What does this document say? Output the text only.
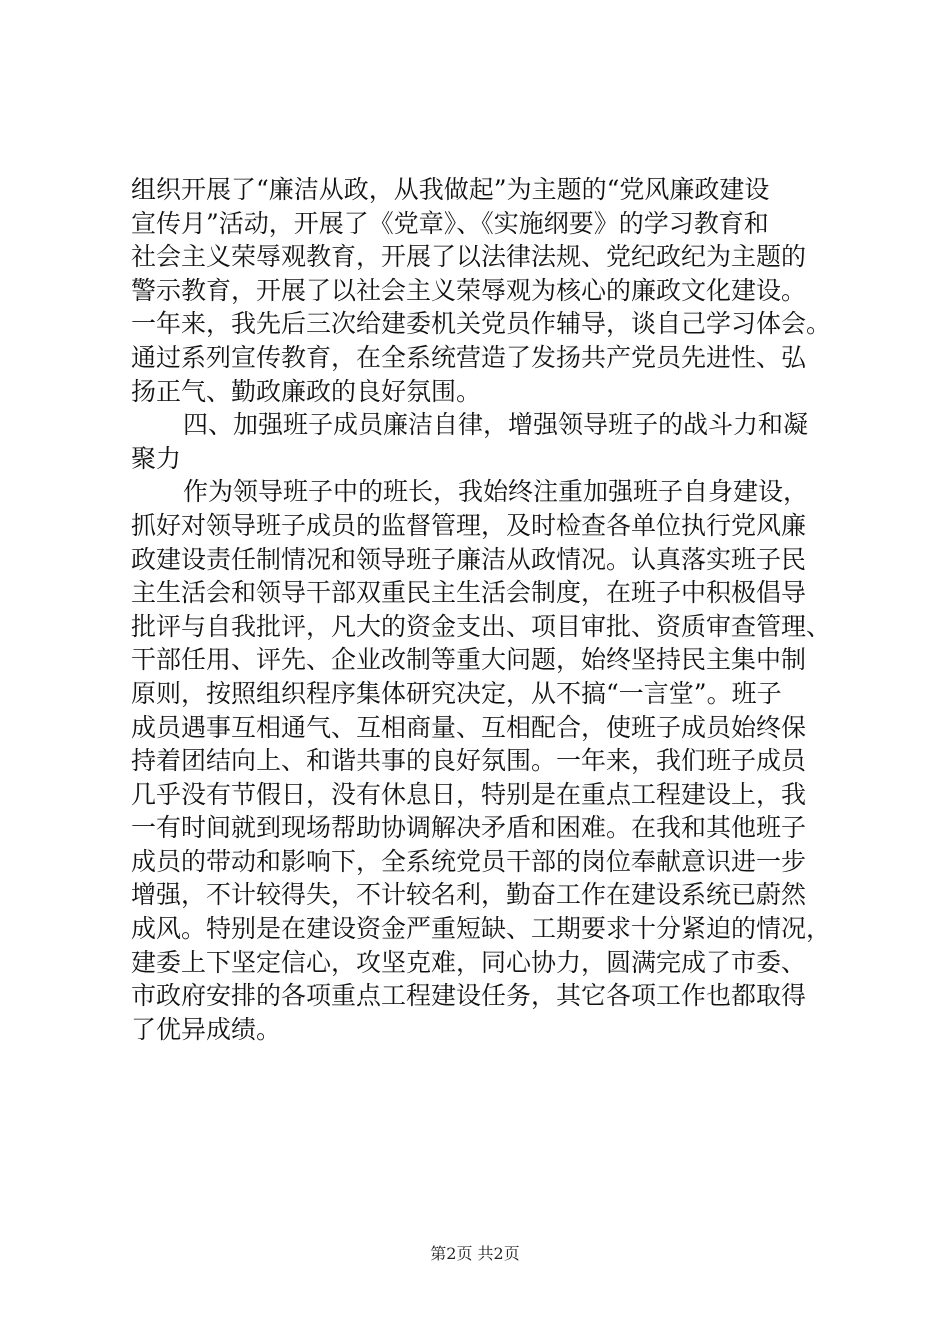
组织开展了“廉洁从政，从我做起”为主题的“党风廉政建设
宣传月”活动，开展了《党章》、《实施纲要》的学习教育和
社会主义荣辱观教育，开展了以法律法规、党纪政纪为主题的
警示教育，开展了以社会主义荣辱观为核心的廉政文化建设。
一年来，我先后三次给建委机关党员作辅导，谈自己学习体会。
通过系列宣传教育，在全系统营造了发扬共产党员先进性、弘
扬正气、勤政廉政的良好氛围。
四、加强班子成员廉洁自律，增强领导班子的战斗力和凝
聚力
作为领导班子中的班长，我始终注重加强班子自身建设，
抓好对领导班子成员的监督管理，及时检查各单位执行党风廉
政建设责任制情况和领导班子廉洁从政情况。认真落实班子民
主生活会和领导干部双重民主生活会制度，在班子中积极倡导
批评与自我批评，凡大的资金支出、项目审批、资质审查管理、
干部任用、评先、企业改制等重大问题，始终坚持民主集中制
原则，按照组织程序集体研究决定，从不搞“一言堂”。班子
成员遇事互相通气、互相商量、互相配合，使班子成员始终保
持着团结向上、和谐共事的良好氛围。一年来，我们班子成员
几乎没有节假日，没有休息日，特别是在重点工程建设上，我
一有时间就到现场帮助协调解决矛盾和困难。在我和其他班子
成员的带动和影响下，全系统党员干部的岗位奉献意识进一步
增强，不计较得失，不计较名利，勤奋工作在建设系统已蔚然
成风。特别是在建设资金严重短缺、工期要求十分紧迫的情况，
建委上下坚定信心，攻坚克难，同心协力，圆满完成了市委、
市政府安排的各项重点工程建设任务，其它各项工作也都取得
了优异成绩。
第2页 共2页
